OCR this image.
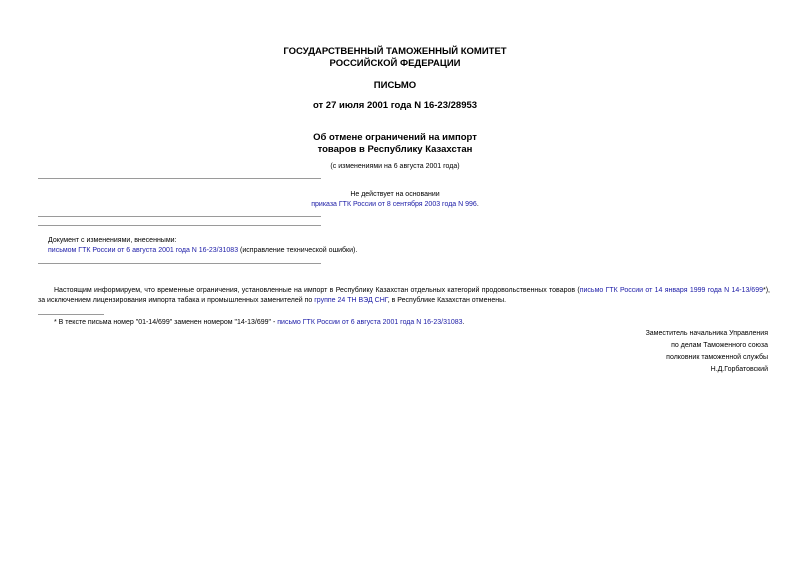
ГОСУДАРСТВЕННЫЙ ТАМОЖЕННЫЙ КОМИТЕТ
РОССИЙСКОЙ ФЕДЕРАЦИИ
ПИСЬМО
от 27 июля 2001 года N 16-23/28953
Об отмене ограничений на импорт
товаров в Республику Казахстан
(с изменениями на 6 августа 2001 года)
Не действует на основании
приказа ГТК России от 8 сентября 2003 года N 996.
Документ с изменениями, внесенными:
письмом ГТК России от 6 августа 2001 года N 16-23/31083 (исправление технической ошибки).
Настоящим информируем, что временные ограничения, установленные на импорт в Республику Казахстан отдельных категорий продовольственных товаров (письмо ГТК России от 14 января 1999 года N 14-13/699*), за исключением лицензирования импорта табака и промышленных заменителей по группе 24 ТН ВЭД СНГ, в Республике Казахстан отменены.
* В тексте письма номер "01-14/699" заменен номером "14-13/699" - письмо ГТК России от 6 августа 2001 года N 16-23/31083.
Заместитель начальника Управления
по делам Таможенного союза
полковник таможенной службы
Н.Д.Горбатовский
